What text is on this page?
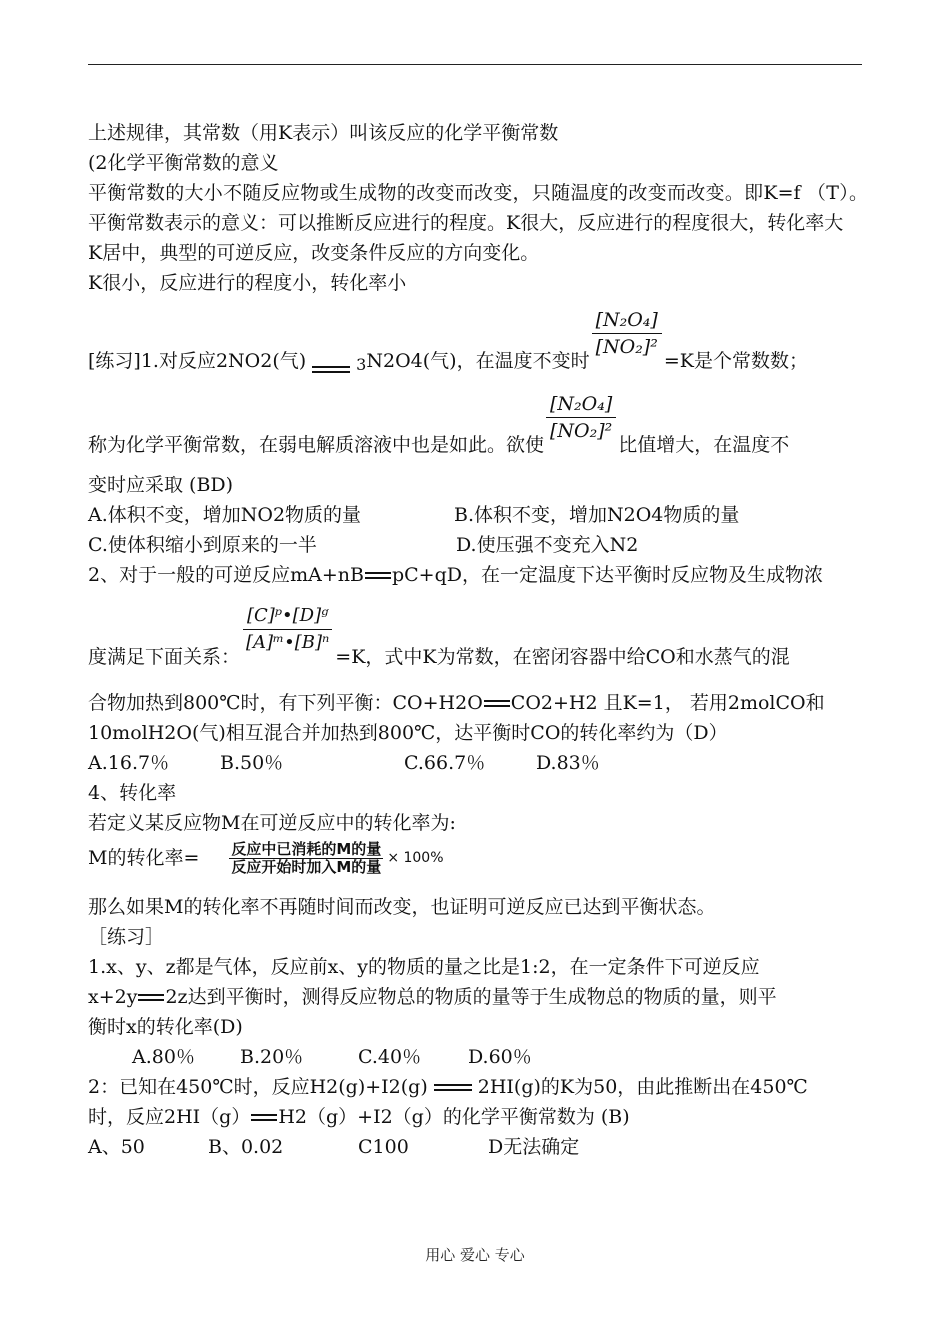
上述规律，其常数（用K表示）叫该反应的化学平衡常数
(2化学平衡常数的意义
平衡常数的大小不随反应物或生成物的改变而改变，只随温度的改变而改变。即K=f （T）。平衡常数表示的意义：可以推断反应进行的程度。K很大，反应进行的程度很大，转化率大
K居中，典型的可逆反应，改变条件反应的方向变化。
K很小，反应进行的程度小，转化率小
[练习]1.对反应2NO2(气)	3 N2O4(气)，在温度不变时
$\frac{\text{[N₂O₄]}}{\text{[NO₂]²}}$
=K是个常数数；
称为化学平衡常数，在弱电解质溶液中也是如此。欲使
$\frac{\text{[N₂O₄]}}{\text{[NO₂]²}}$
比值增大，在温度不
变时应采取 (BD)
A.体积不变，增加NO2物质的量	B.体积不变，增加N2O4物质的量
C.使体积缩小到原来的一半	D.使压强不变充入N2
2、对于一般的可逆反应mA+nB pC+qD，在一定温度下达平衡时反应物及生成物浓
度满足下面关系：
$\frac{\text{[C]ᵖ•[D]ᵍ}}{\text{[A]ᵐ•[B]ⁿ}}$
=K，式中K为常数，在密闭容器中给CO和水蒸气的混
合物加热到800℃时，有下列平衡：CO+H2O CO2+H2 且K=1， 若用2molCO和
10molH2O(气)相互混合并加热到800℃，达平衡时CO的转化率约为（D）
A.16.7％	B.50％	C.66.7％	D.83％
4、转化率
若定义某反应物M在可逆反应中的转化率为:
M的转化率= $\frac{\text{反应中已消耗的M的量}}{\text{反应开始时加入M的量}} \times 100\%$
那么如果M的转化率不再随时间而改变，也证明可逆反应已达到平衡状态。
［练习］
1.x、y、z都是气体，反应前x、y的物质的量之比是1:2，在一定条件下可逆反应
x+2y 2z达到平衡时，测得反应物总的物质的量等于生成物总的物质的量，则平
衡时x的转化率(D)
A.80％	B.20％	C.40％	D.60％
2：已知在450℃时，反应H2(g)+I2(g)	2HI(g)的K为50，由此推断出在450℃
时，反应2HI（g） H2（g）+I2（g）的化学平衡常数为 (B)
A、50	B、0.02	C100	D无法确定
用心 爱心 专心
